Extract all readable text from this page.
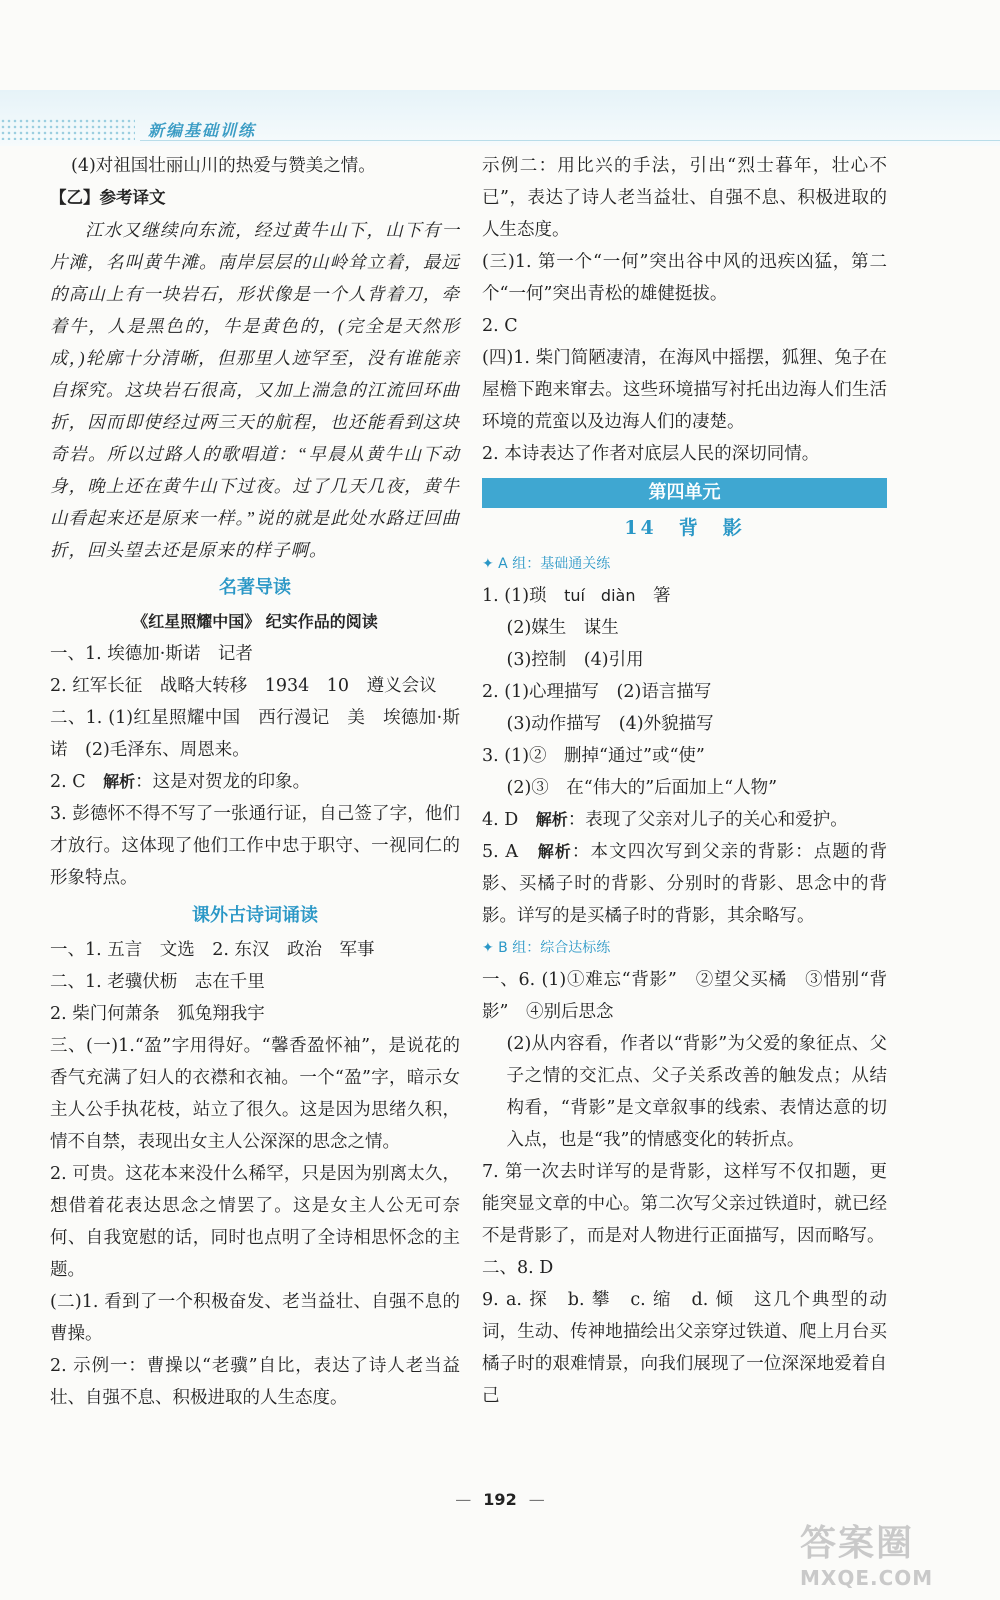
新编基础训练

(4)对祖国壮丽山川的热爱与赞美之情。

【乙】参考译文

江水又继续向东流，经过黄牛山下，山下有一片滩，名叫黄牛滩。南岸层层的山岭耸立着，最远的高山上有一块岩石，形状像是一个人背着刀，牵着牛，人是黑色的，牛是黄色的，(完全是天然形成，)轮廓十分清晰，但那里人迹罕至，没有谁能亲自探究。这块岩石很高，又加上湍急的江流回环曲折，因而即使经过两三天的航程，也还能看到这块奇岩。所以过路人的歌唱道：“早晨从黄牛山下动身，晚上还在黄牛山下过夜。过了几天几夜，黄牛山看起来还是原来一样。”说的就是此处水路迂回曲折，回头望去还是原来的样子啊。

名著导读
《红星照耀中国》 纪实作品的阅读

一、1. 埃德加·斯诺　记者

2. 红军长征　战略大转移　1934　10　遵义会议

二、1. (1)红星照耀中国　西行漫记　美　埃德加·斯诺　(2)毛泽东、周恩来。

2. C　解析：这是对贺龙的印象。

3. 彭德怀不得不写了一张通行证，自己签了字，他们才放行。这体现了他们工作中忠于职守、一视同仁的形象特点。

课外古诗词诵读

一、1. 五言　文选　2. 东汉　政治　军事

二、1. 老骥伏枥　志在千里

2. 柴门何萧条　狐兔翔我宇

三、(一)1.“盈”字用得好。“馨香盈怀袖”，是说花的香气充满了妇人的衣襟和衣袖。一个“盈”字，暗示女主人公手执花枝，站立了很久。这是因为思绪久积，情不自禁，表现出女主人公深深的思念之情。

2. 可贵。这花本来没什么稀罕，只是因为别离太久，想借着花表达思念之情罢了。这是女主人公无可奈何、自我宽慰的话，同时也点明了全诗相思怀念的主题。

(二)1. 看到了一个积极奋发、老当益壮、自强不息的曹操。

2. 示例一：曹操以“老骥”自比，表达了诗人老当益壮、自强不息、积极进取的人生态度。

示例二：用比兴的手法，引出“烈士暮年，壮心不已”，表达了诗人老当益壮、自强不息、积极进取的人生态度。

(三)1. 第一个“一何”突出谷中风的迅疾凶猛，第二个“一何”突出青松的雄健挺拔。

2. C

(四)1. 柴门简陋凄清，在海风中摇摆，狐狸、兔子在屋檐下跑来窜去。这些环境描写衬托出边海人们生活环境的荒蛮以及边海人们的凄楚。

2. 本诗表达了作者对底层人民的深切同情。

第四单元
14　背　影

✦ A 组：基础通关练

1. (1)琐　tuí　diàn　箸

(2)媒生　谋生

(3)控制　(4)引用

2. (1)心理描写　(2)语言描写

(3)动作描写　(4)外貌描写

3. (1)②　删掉“通过”或“使”

(2)③　在“伟大的”后面加上“人物”

4. D　解析：表现了父亲对儿子的关心和爱护。

5. A　解析：本文四次写到父亲的背影：点题的背影、买橘子时的背影、分别时的背影、思念中的背影。详写的是买橘子时的背影，其余略写。

✦ B 组：综合达标练

一、6. (1)①难忘“背影”　②望父买橘　③惜别“背影”　④别后思念

(2)从内容看，作者以“背影”为父爱的象征点、父子之情的交汇点、父子关系改善的触发点；从结构看，“背影”是文章叙事的线索、表情达意的切入点，也是“我”的情感变化的转折点。

7. 第一次去时详写的是背影，这样写不仅扣题，更能突显文章的中心。第二次写父亲过铁道时，就已经不是背影了，而是对人物进行正面描写，因而略写。

二、8. D

9. a. 探　b. 攀　c. 缩　d. 倾　这几个典型的动词，生动、传神地描绘出父亲穿过铁道、爬上月台买橘子时的艰难情景，向我们展现了一位深深地爱着自己

— 192 —
答案圈
MXQE.COM
